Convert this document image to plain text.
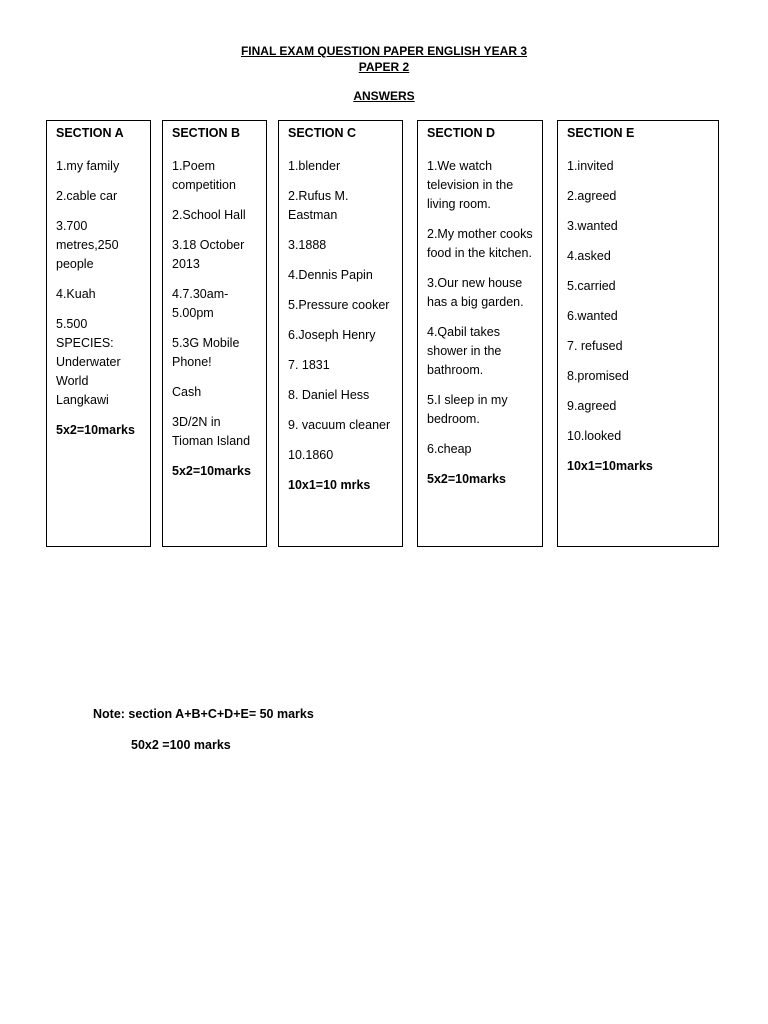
FINAL EXAM QUESTION PAPER ENGLISH YEAR 3
PAPER 2
ANSWERS
SECTION A
1.my family
2.cable car
3.700 metres,250 people
4.Kuah
5.500 SPECIES: Underwater World Langkawi
5x2=10marks
SECTION B
1.Poem competition
2.School Hall
3.18 October 2013
4.7.30am-5.00pm
5.3G Mobile Phone!
Cash
3D/2N in Tioman Island
5x2=10marks
SECTION C
1.blender
2.Rufus M. Eastman
3.1888
4.Dennis Papin
5.Pressure cooker
6.Joseph Henry
7. 1831
8. Daniel Hess
9. vacuum cleaner
10.1860
10x1=10 mrks
SECTION D
1.We watch television in the living room.
2.My mother cooks food in the kitchen.
3.Our new house has a big garden.
4.Qabil takes shower in the bathroom.
5.I sleep in my bedroom.
6.cheap
5x2=10marks
SECTION E
1.invited
2.agreed
3.wanted
4.asked
5.carried
6.wanted
7. refused
8.promised
9.agreed
10.looked
10x1=10marks
Note: section A+B+C+D+E= 50 marks
50x2 =100 marks
